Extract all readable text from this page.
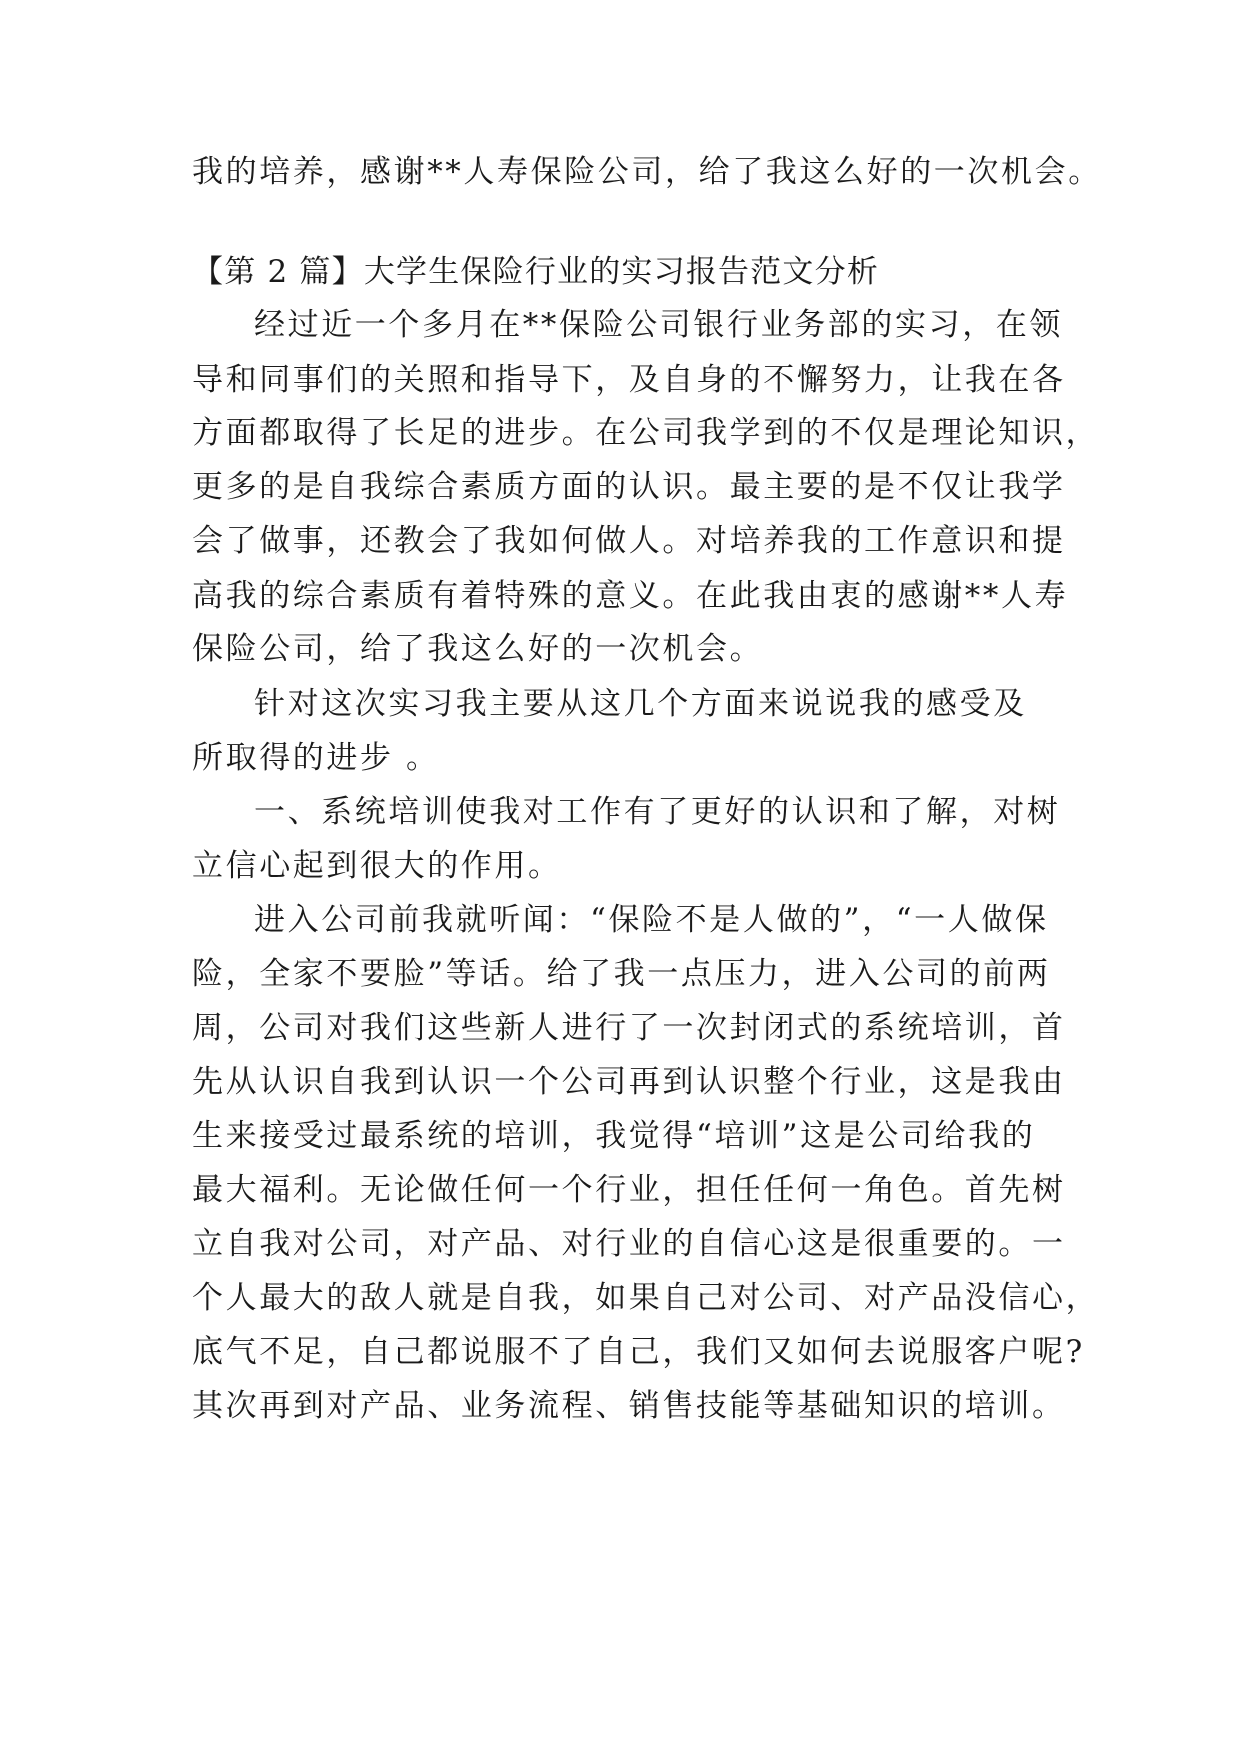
我的培养，感谢**人寿保险公司，给了我这么好的一次机会。
【第 2 篇】大学生保险行业的实习报告范文分析
经过近一个多月在**保险公司银行业务部的实习，在领
导和同事们的关照和指导下，及自身的不懈努力，让我在各
方面都取得了长足的进步。在公司我学到的不仅是理论知识，
更多的是自我综合素质方面的认识。最主要的是不仅让我学
会了做事，还教会了我如何做人。对培养我的工作意识和提
高我的综合素质有着特殊的意义。在此我由衷的感谢**人寿
保险公司，给了我这么好的一次机会。
针对这次实习我主要从这几个方面来说说我的感受及
所取得的进步 。
一、系统培训使我对工作有了更好的认识和了解，对树
立信心起到很大的作用。
进入公司前我就听闻：“保险不是人做的”，“一人做保
险，全家不要脸”等话。给了我一点压力，进入公司的前两
周，公司对我们这些新人进行了一次封闭式的系统培训，首
先从认识自我到认识一个公司再到认识整个行业，这是我由
生来接受过最系统的培训，我觉得“培训”这是公司给我的
最大福利。无论做任何一个行业，担任任何一角色。首先树
立自我对公司，对产品、对行业的自信心这是很重要的。一
个人最大的敌人就是自我，如果自己对公司、对产品没信心，
底气不足，自己都说服不了自己，我们又如何去说服客户呢?
其次再到对产品、业务流程、销售技能等基础知识的培训。
